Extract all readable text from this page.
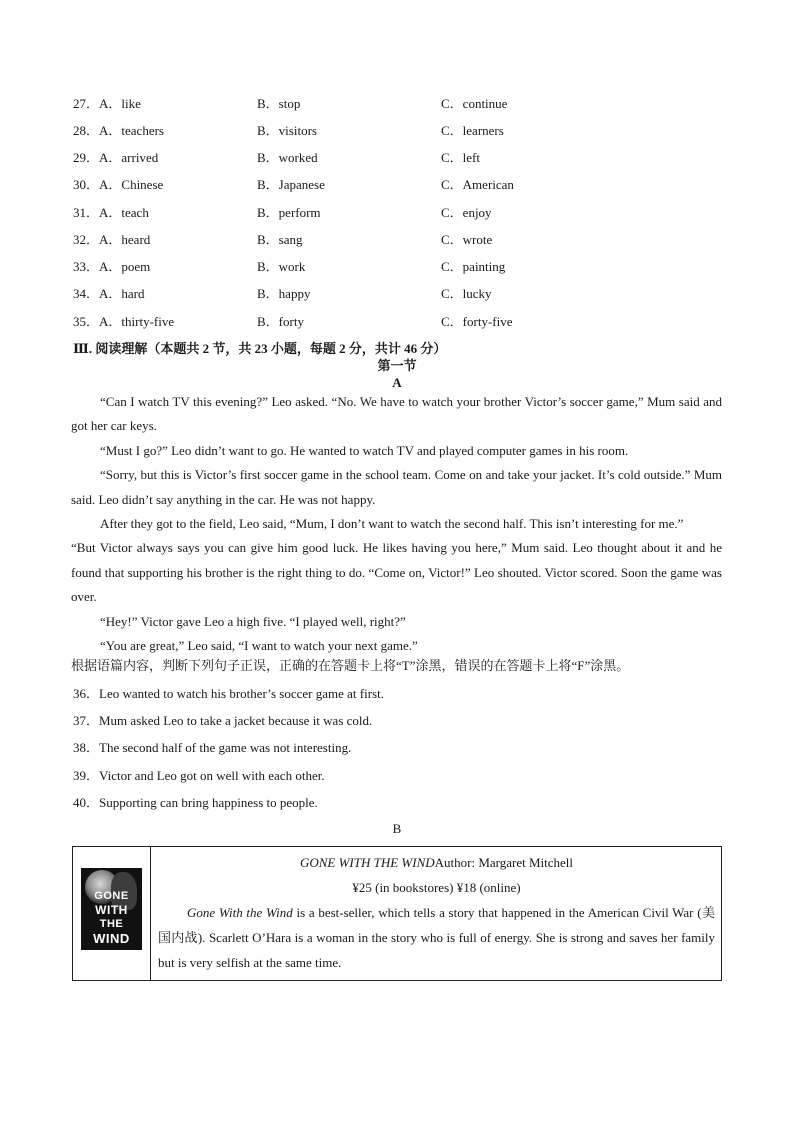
27．A．like	B．stop	C．continue
28．A．teachers	B．visitors	C．learners
29．A．arrived	B．worked	C．left
30．A．Chinese	B．Japanese	C．American
31．A．teach	B．perform	C．enjoy
32．A．heard	B．sang	C．wrote
33．A．poem	B．work	C．painting
34．A．hard	B．happy	C．lucky
35．A．thirty-five	B．forty	C．forty-five
Ⅲ. 阅读理解（本题共 2 节，共 23 小题，每题 2 分，共计 46 分）
第一节
A

“Can I watch TV this evening?” Leo asked. “No. We have to watch your brother Victor’s soccer game,” Mum said and got her car keys.

“Must I go?” Leo didn’t want to go. He wanted to watch TV and played computer games in his room.

“Sorry, but this is Victor’s first soccer game in the school team. Come on and take your jacket. It’s cold outside.” Mum said. Leo didn’t say anything in the car. He was not happy.

After they got to the field, Leo said, “Mum, I don’t want to watch the second half. This isn’t interesting for me.”

“But Victor always says you can give him good luck. He likes having you here,” Mum said. Leo thought about it and he found that supporting his brother is the right thing to do. “Come on, Victor!” Leo shouted. Victor scored. Soon the game was over.

“Hey!” Victor gave Leo a high five. “I played well, right?”

“You are great,” Leo said, “I want to watch your next game.”

根据语篇内容，判断下列句子正误，正确的在答题卡上将“T”涂黑，错误的在答题卡上将“F”涂黑。
36．Leo wanted to watch his brother’s soccer game at first.
37．Mum asked Leo to take a jacket because it was cold.
38．The second half of the game was not interesting.
39．Victor and Leo got on well with each other.
40．Supporting can bring happiness to people.
B
GONE
WITH
THE
WIND
GONE WITH THE WINDAuthor: Margaret Mitchell
¥25 (in bookstores) ¥18 (online)

Gone With the Wind is a best-seller, which tells a story that happened in the American Civil War (美国内战). Scarlett O’Hara is a woman in the story who is full of energy. She is strong and saves her family but is very selfish at the same time.
